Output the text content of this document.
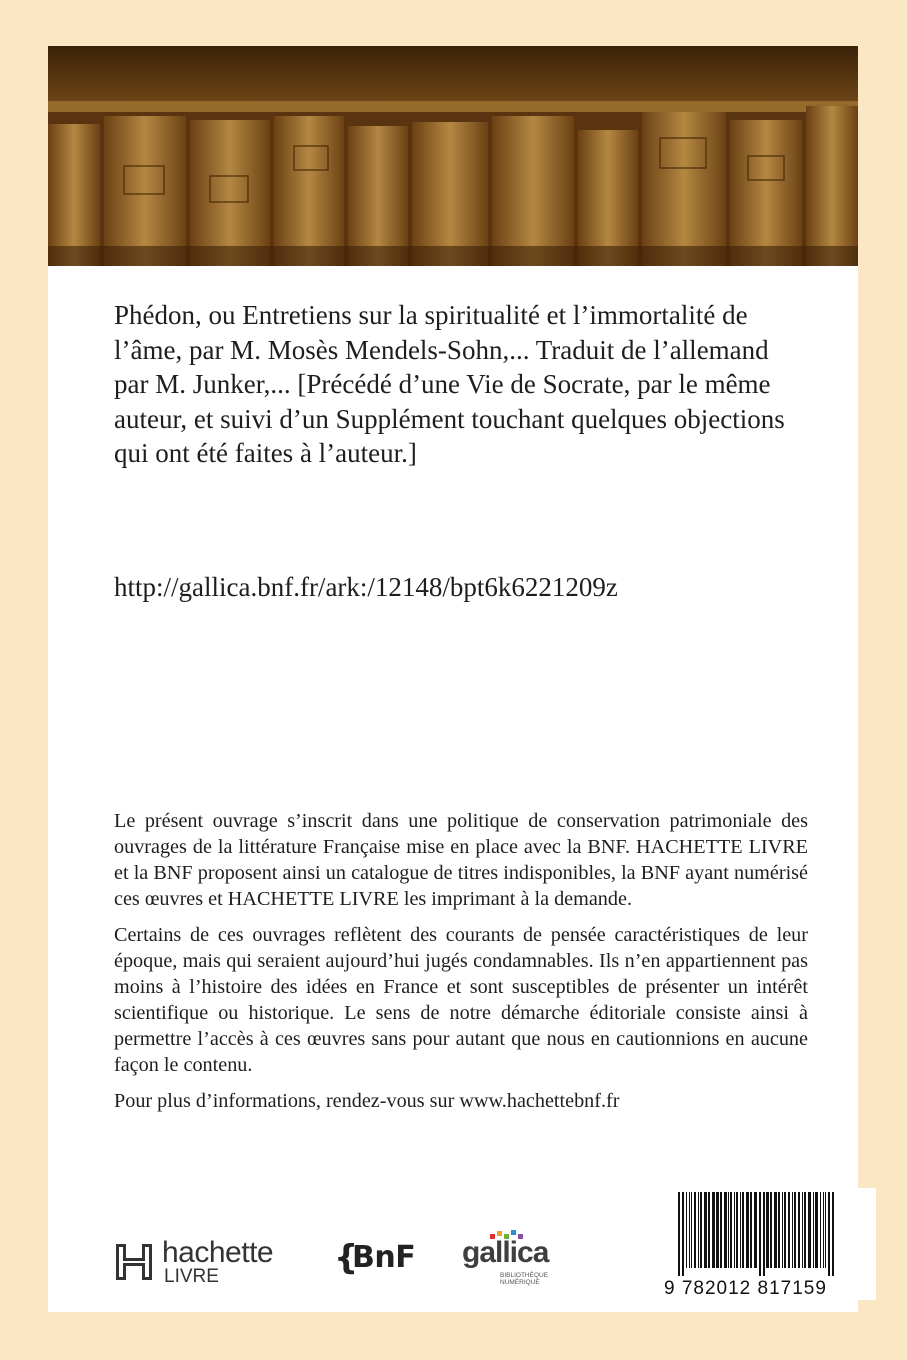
Phédon, ou Entretiens sur la spiritualité et l’immortalité de l’âme, par M. Mosès Mendels-Sohn,... Traduit de l’allemand par M. Junker,... [Précédé d’une Vie de Socrate, par le même auteur, et suivi d’un Supplément touchant quelques objections qui ont été faites à l’auteur.]
http://gallica.bnf.fr/ark:/12148/bpt6k6221209z

Le présent ouvrage s’inscrit dans une politique de conservation patrimoniale des ouvrages de la littérature Française mise en place avec la BNF. HACHETTE LIVRE et la BNF proposent ainsi un catalogue de titres indisponibles, la BNF ayant numérisé ces œuvres et HACHETTE LIVRE les imprimant à la demande.

Certains de ces ouvrages reflètent des courants de pensée caractéristiques de leur époque, mais qui seraient aujourd’hui jugés condamnables. Ils n’en appartiennent pas moins à l’histoire des idées en France et sont susceptibles de présenter un intérêt scientifique ou historique. Le sens de notre démarche éditoriale consiste ainsi à permettre l’accès à ces œuvres sans pour autant que nous en cautionnions en aucune façon le contenu.

Pour plus d’informations, rendez-vous sur www.hachettebnf.fr

hachette
LIVRE	{
BnF gallica
BIBLIOTHÈQUE
NUMÉRIQUE	9 782012 817159
